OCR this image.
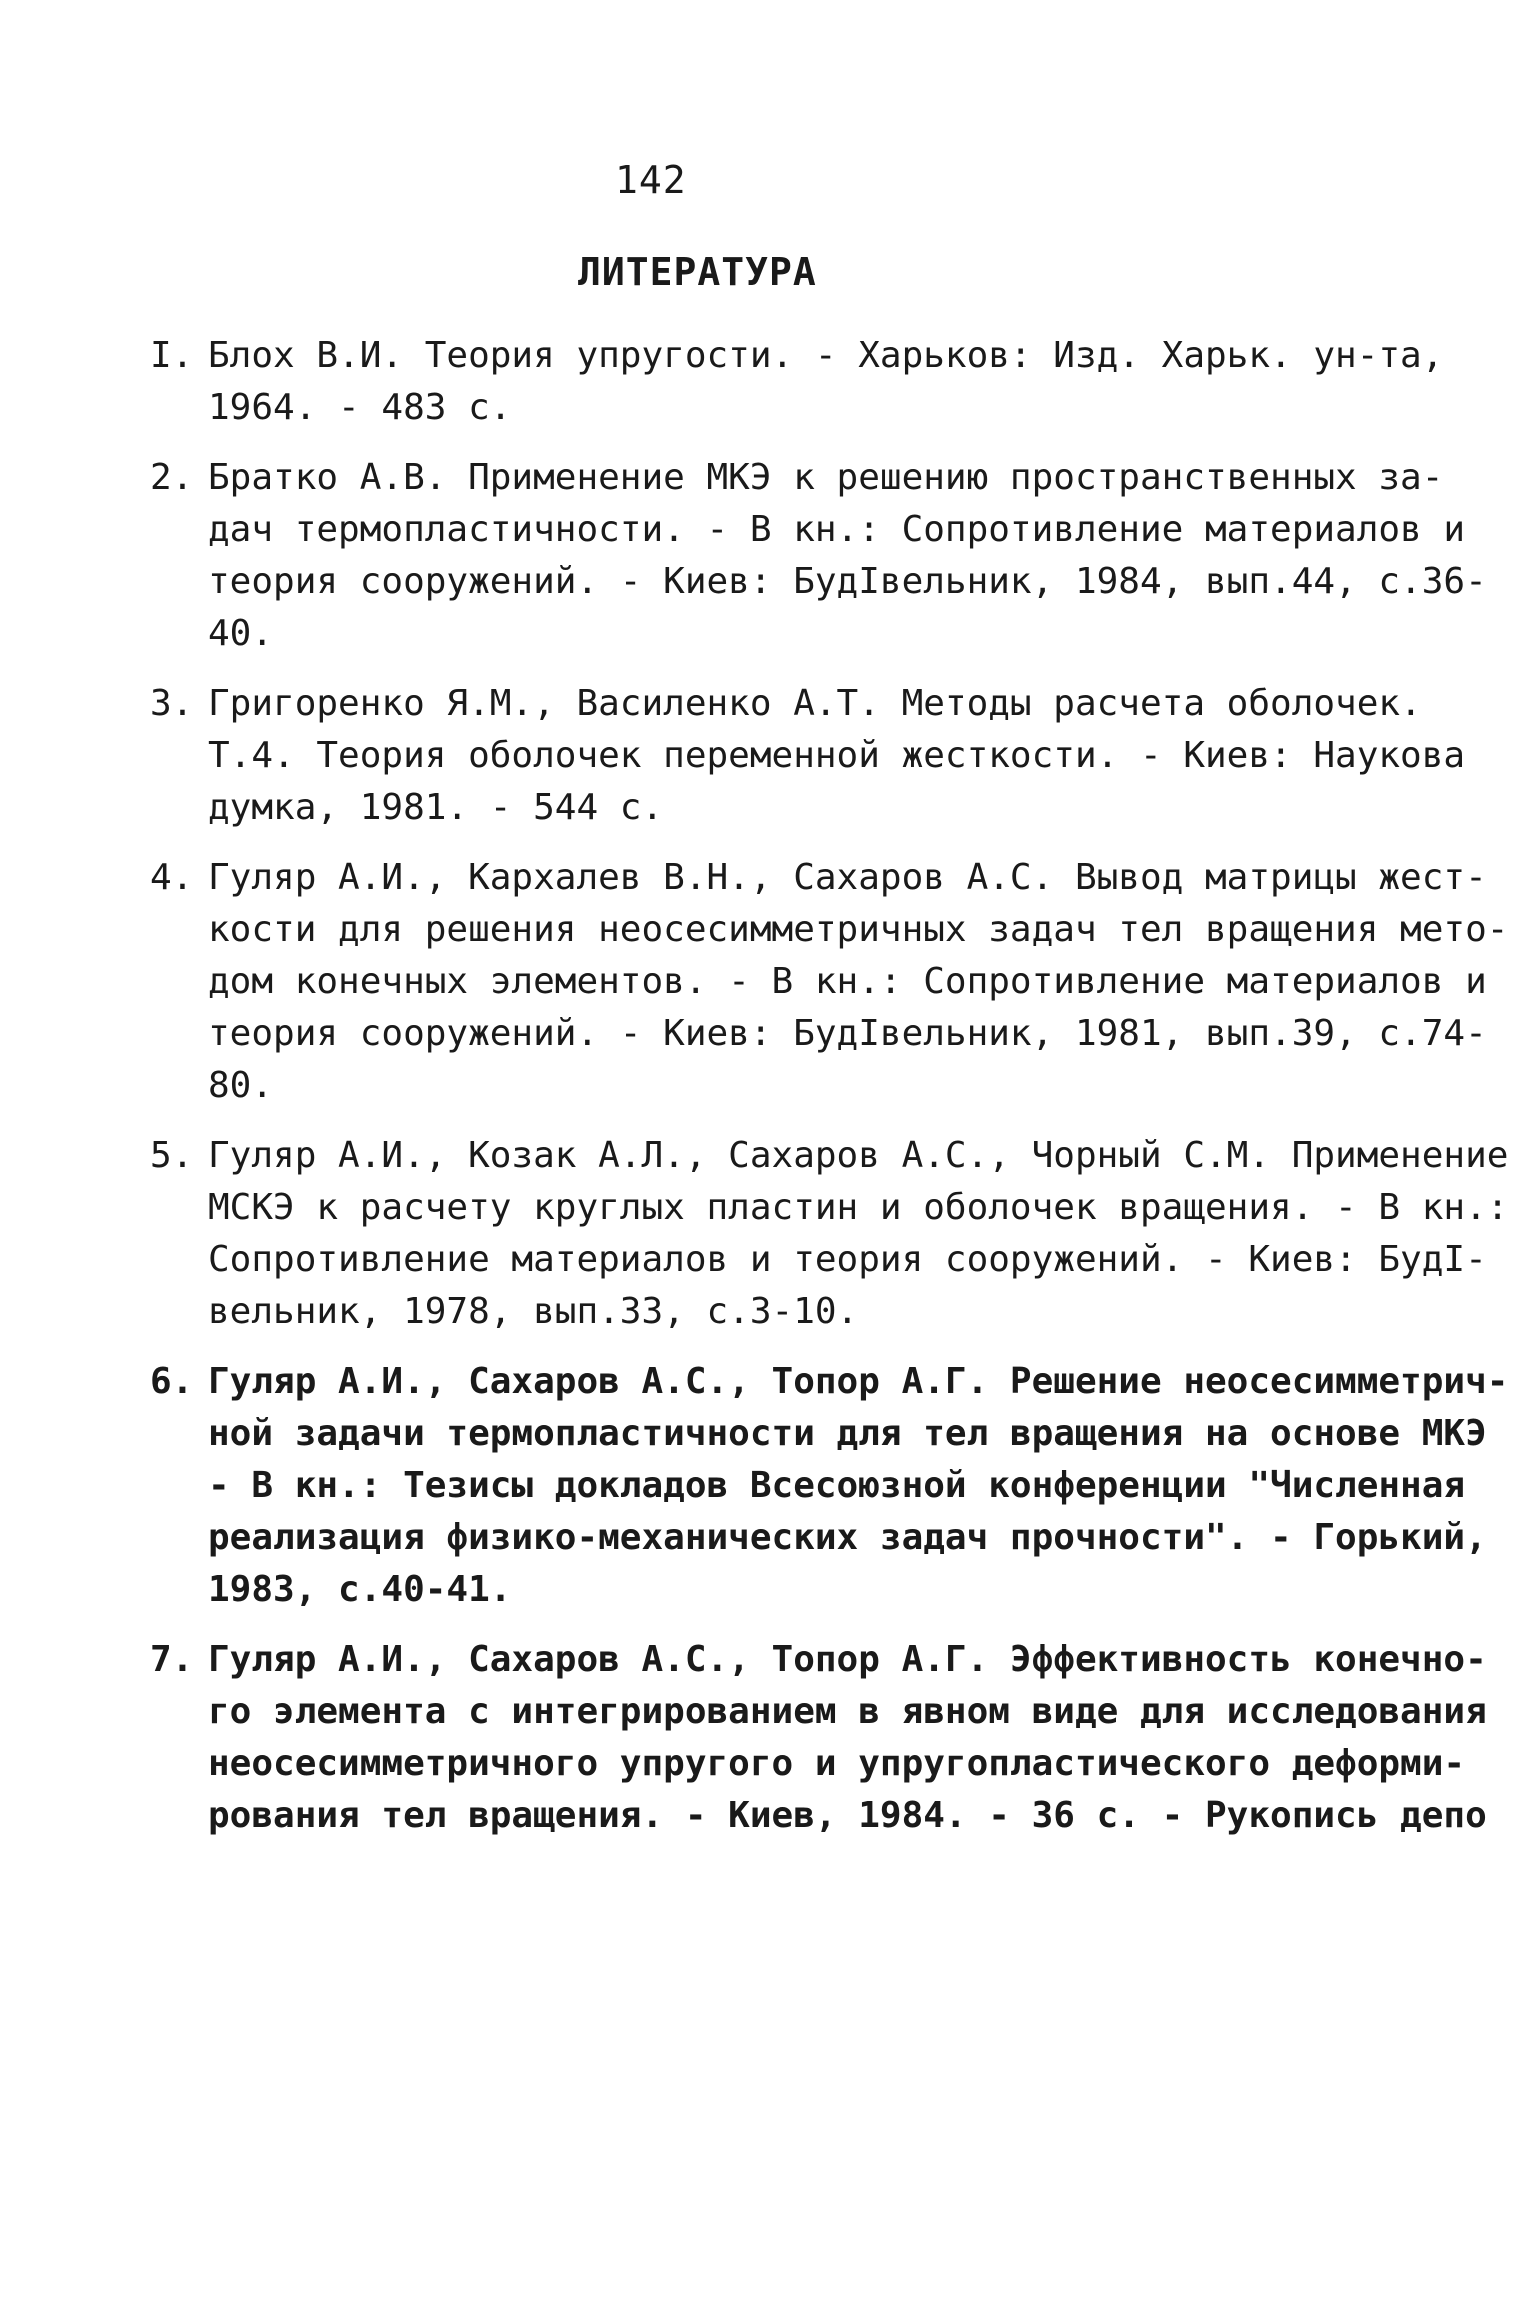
142
ЛИТЕРАТУРА
I. Блох В.И. Теория упругости. - Харьков: Изд. Харьк. ун-та,
1964. - 483 с.
2. Братко А.В. Применение МКЭ к решению пространственных за-
дач термопластичности. - В кн.: Сопротивление материалов и
теория сооружений. - Киев: БудІвельник, 1984, вып.44, с.36-
40.
3. Григоренко Я.М., Василенко А.Т. Методы расчета оболочек.
Т.4. Теория оболочек переменной жесткости. - Киев: Наукова
думка, 1981. - 544 с.
4. Гуляр А.И., Кархалев В.Н., Сахаров А.С. Вывод матрицы жест-
кости для решения неосесимметричных задач тел вращения мето-
дом конечных элементов. - В кн.: Сопротивление материалов и
теория сооружений. - Киев: БудІвельник, 1981, вып.39, с.74-
80.
5. Гуляр А.И., Козак А.Л., Сахаров А.С., Чорный С.М. Применение
МСКЭ к расчету круглых пластин и оболочек вращения. - В кн.:
Сопротивление материалов и теория сооружений. - Киев: БудІ-
вельник, 1978, вып.33, с.3-10.
6. Гуляр А.И., Сахаров А.С., Топор А.Г. Решение неосесимметрич-
ной задачи термопластичности для тел вращения на основе МКЭ
- В кн.: Тезисы докладов Всесоюзной конференции "Численная
реализация физико-механических задач прочности". - Горький,
1983, с.40-41.
7. Гуляр А.И., Сахаров А.С., Топор А.Г. Эффективность конечно-
го элемента с интегрированием в явном виде для исследования
неосесимметричного упругого и упругопластического деформи-
рования тел вращения. - Киев, 1984. - 36 с. - Рукопись депо
